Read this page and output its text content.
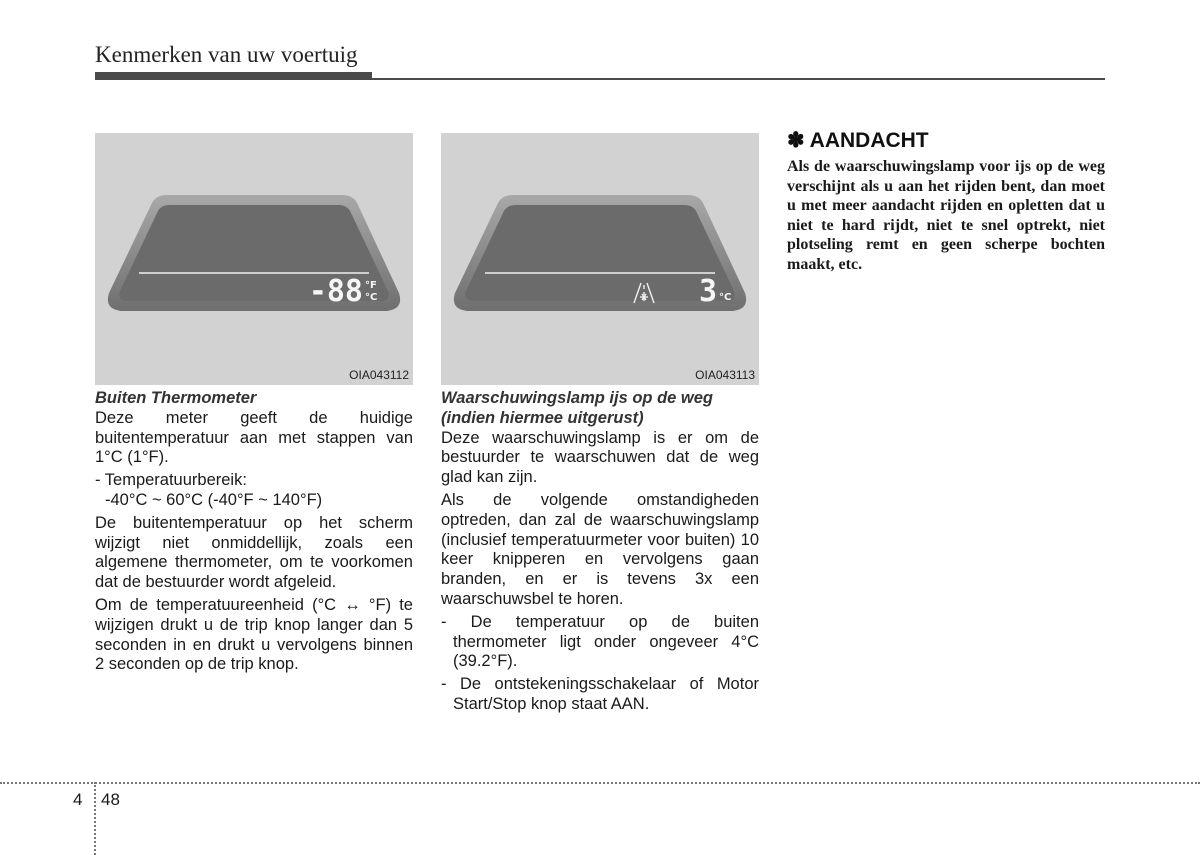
Kenmerken van uw voertuig
-88 °F
°C
OIA043112
3 °C
OIA043113

Buiten Thermometer

Deze meter geeft de huidige buitentemperatuur aan met stappen van 1°C (1°F).

- Temperatuurbereik:

-40°C ~ 60°C (-40°F ~ 140°F)

De buitentemperatuur op het scherm wijzigt niet onmiddellijk, zoals een algemene thermometer, om te voorkomen dat de bestuurder wordt afgeleid.

Om de temperatuureenheid (°C ↔ °F) te wijzigen drukt u de trip knop langer dan 5 seconden in en drukt u vervolgens binnen 2 seconden op de trip knop.

Waarschuwingslamp ijs op de weg (indien hiermee uitgerust)

Deze waarschuwingslamp is er om de bestuurder te waarschuwen dat de weg glad kan zijn.

Als de volgende omstandigheden optreden, dan zal de waarschuwingslamp (inclusief temperatuurmeter voor buiten) 10 keer knipperen en vervolgens gaan branden, en er is tevens 3x een waarschuwsbel te horen.

- De temperatuur op de buiten thermometer ligt onder ongeveer 4°C (39.2°F).

- De ontstekeningsschakelaar of Motor Start/Stop knop staat AAN.

✽ AANDACHT
Als de waarschuwingslamp voor ijs op de weg verschijnt als u aan het rijden bent, dan moet u met meer aandacht rijden en opletten dat u niet te hard rijdt, niet te snel optrekt, niet plotseling remt en geen scherpe bochten maakt, etc.
4 48
